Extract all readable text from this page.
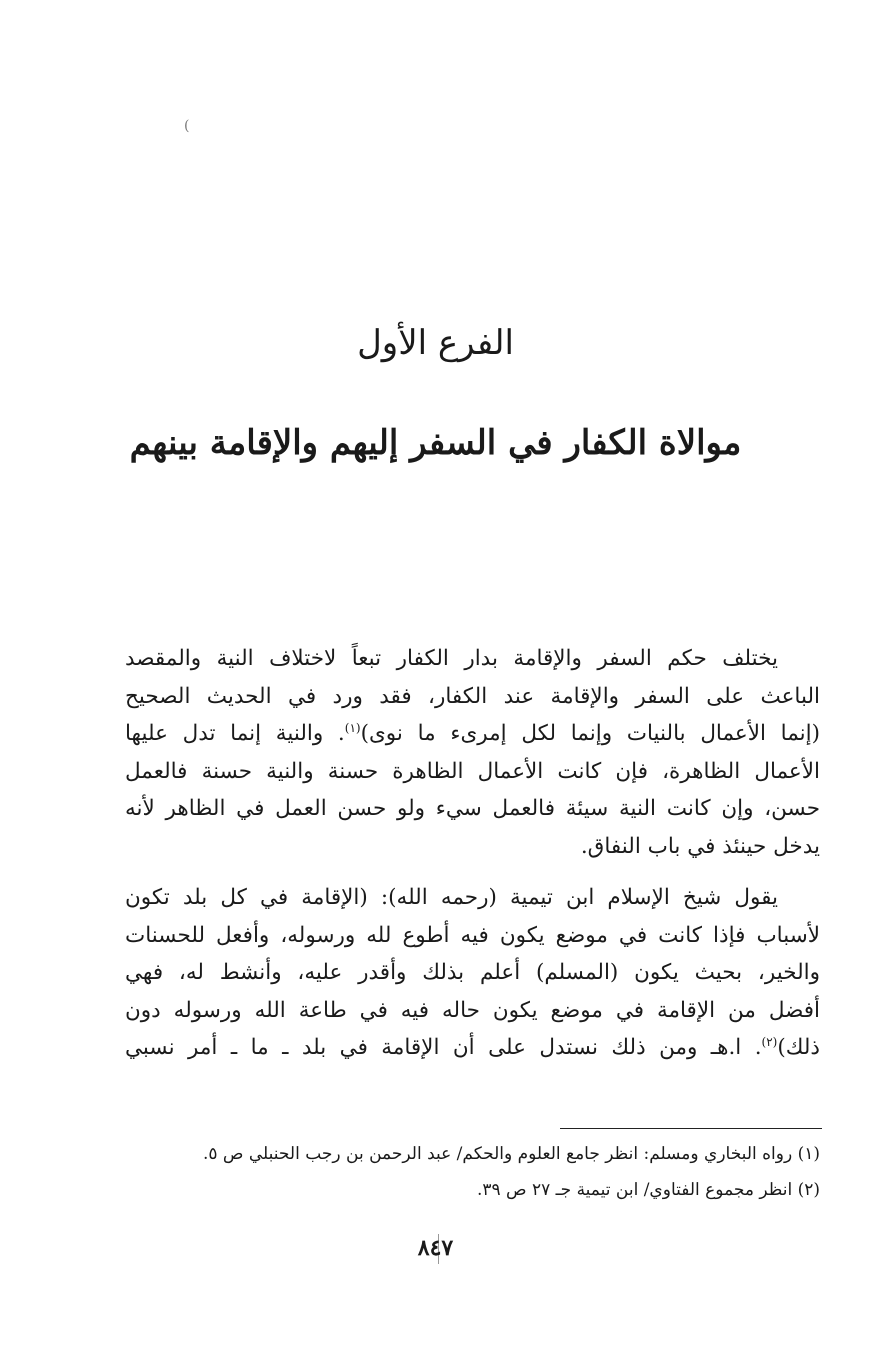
)
الفرع الأول
موالاة الكفار في السفر إليهم والإقامة بينهم
يختلف حكم السفر والإقامة بدار الكفار تبعاً لاختلاف النية والمقصد
الباعث على السفر والإقامة عند الكفار، فقد ورد في الحديث الصحيح
(إنما الأعمال بالنيات وإنما لكل إمرىء ما نوى)$^{(١)}$. والنية إنما تدل عليها
الأعمال الظاهرة، فإن كانت الأعمال الظاهرة حسنة والنية حسنة فالعمل
حسن، وإن كانت النية سيئة فالعمل سيء ولو حسن العمل في الظاهر لأنه
يدخل حينئذ في باب النفاق.
يقول شيخ الإسلام ابن تيمية (رحمه الله): (الإقامة في كل بلد تكون
لأسباب فإذا كانت في موضع يكون فيه أطوع لله ورسوله، وأفعل للحسنات
والخير، بحيث يكون (المسلم) أعلم بذلك وأقدر عليه، وأنشط له، فهي
أفضل من الإقامة في موضع يكون حاله فيه في طاعة الله ورسوله دون
ذلك)$^{(٢)}$. ا.هـ ومن ذلك نستدل على أن الإقامة في بلد ـ ما ـ أمر نسبي
(١) رواه البخاري ومسلم: انظر جامع العلوم والحكم/ عبد الرحمن بن رجب الحنبلي ص ٥.
(٢) انظر مجموع الفتاوي/ ابن تيمية جـ ٢٧ ص ٣٩.
٨٤٧
